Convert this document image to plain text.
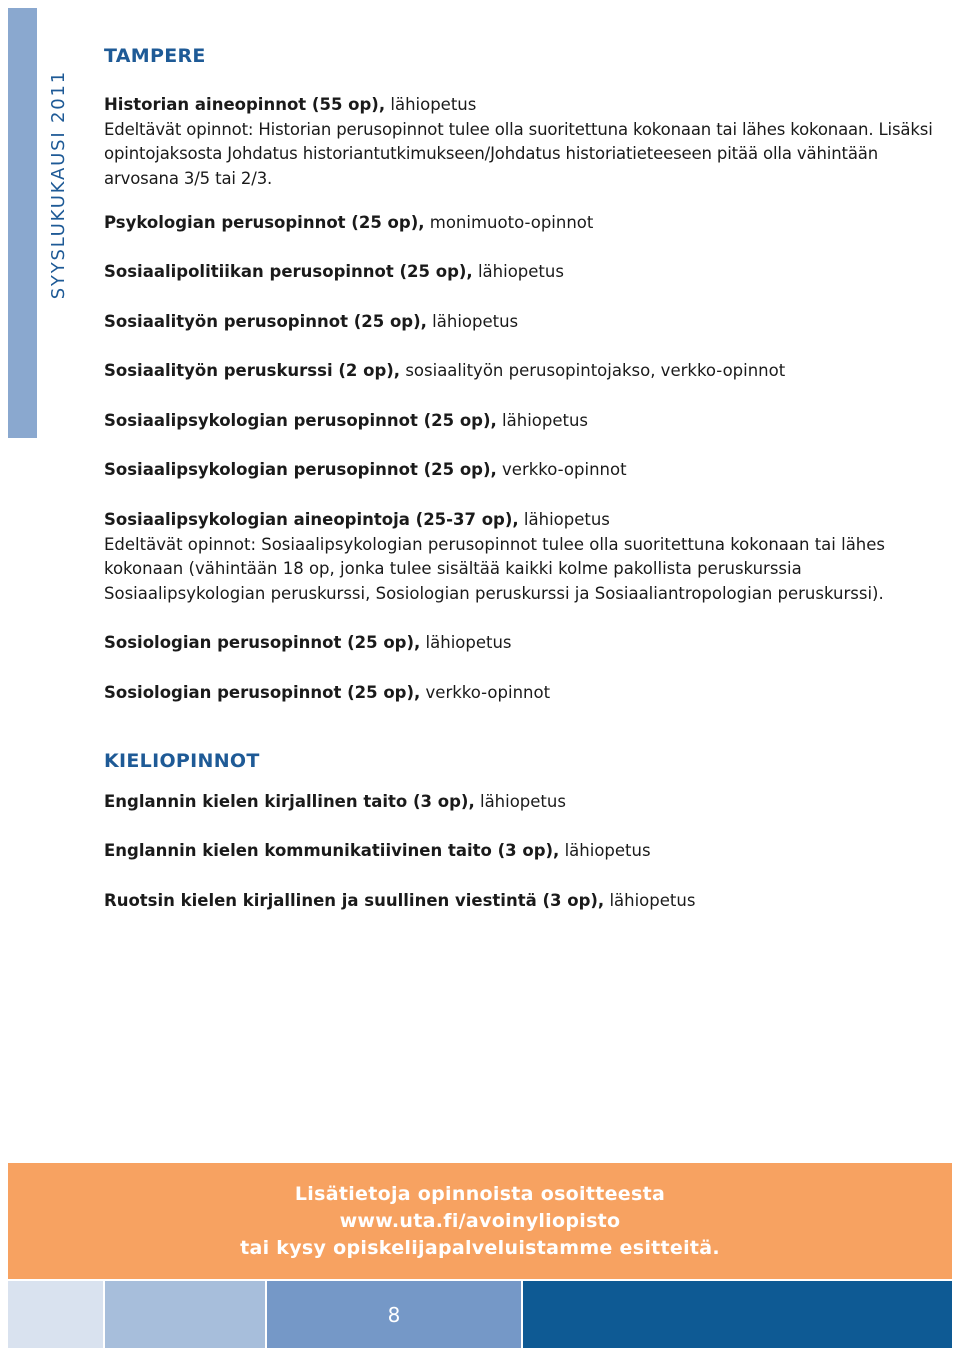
SYYSLUKUKAUSI 2011
TAMPERE

Historian aineopinnot (55 op), lähiopetus
Edeltävät opinnot: Historian perusopinnot tulee olla suoritettuna kokonaan tai lähes kokonaan. Lisäksi opintojaksosta Johdatus historiantutkimukseen/Johdatus historiatieteeseen pitää olla vähintään arvosana 3/5 tai 2/3.

Psykologian perusopinnot (25 op), monimuoto-opinnot

Sosiaalipolitiikan perusopinnot (25 op), lähiopetus

Sosiaalityön perusopinnot (25 op), lähiopetus

Sosiaalityön peruskurssi (2 op), sosiaalityön perusopintojakso, verkko-opinnot

Sosiaalipsykologian perusopinnot (25 op), lähiopetus

Sosiaalipsykologian perusopinnot (25 op), verkko-opinnot

Sosiaalipsykologian aineopintoja (25-37 op), lähiopetus
Edeltävät opinnot: Sosiaalipsykologian perusopinnot tulee olla suoritettuna kokonaan tai lähes kokonaan (vähintään 18 op, jonka tulee sisältää kaikki kolme pakollista peruskurssia Sosiaalipsykologian peruskurssi, Sosiologian peruskurssi ja Sosiaaliantropologian peruskurssi).

Sosiologian perusopinnot (25 op), lähiopetus

Sosiologian perusopinnot (25 op), verkko-opinnot

KIELIOPINNOT

Englannin kielen kirjallinen taito (3 op), lähiopetus

Englannin kielen kommunikatiivinen taito (3 op), lähiopetus

Ruotsin kielen kirjallinen ja suullinen viestintä (3 op), lähiopetus

Lisätietoja opinnoista osoitteesta
www.uta.fi/avoinyliopisto
tai kysy opiskelijapalveluistamme esitteitä.
8
